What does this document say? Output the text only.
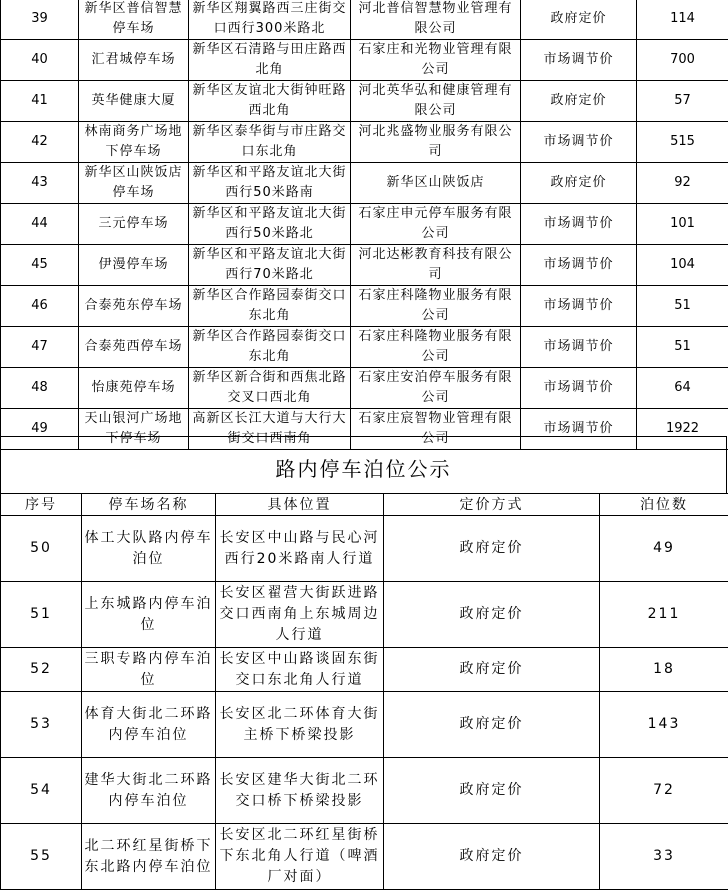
39	新华区普信智慧停车场	新华区翔翼路西三庄街交口西行300米路北	河北普信智慧物业管理有限公司	政府定价	114
40	汇君城停车场	新华区石清路与田庄路西北角	石家庄和光物业管理有限公司	市场调节价	700
41	英华健康大厦	新华区友谊北大街钟旺路西北角	河北英华弘和健康管理有限公司	政府定价	57
42	林南商务广场地下停车场	新华区泰华街与市庄路交口东北角	河北兆盛物业服务有限公司	市场调节价	515
43	新华区山陕饭店停车场	新华区和平路友谊北大街西行50米路南	新华区山陕饭店	政府定价	92
44	三元停车场	新华区和平路友谊北大街西行50米路北	石家庄申元停车服务有限公司	市场调节价	101
45	伊漫停车场	新华区和平路友谊北大街西行70米路北	河北达彬教育科技有限公司	市场调节价	104
46	合泰苑东停车场	新华区合作路园泰街交口东北角	石家庄科隆物业服务有限公司	市场调节价	51
47	合泰苑西停车场	新华区合作路园泰街交口东北角	石家庄科隆物业服务有限公司	市场调节价	51
48	怡康苑停车场	新华区新合街和西焦北路交叉口西北角	石家庄安泊停车服务有限公司	市场调节价	64
49	天山银河广场地下停车场	高新区长江大道与大行大街交口西南角	石家庄宸智物业管理有限公司	市场调节价	1922
路内停车泊位公示
序号	停车场名称	具体位置	定价方式	泊位数
50	体工大队路内停车泊位	长安区中山路与民心河西行20米路南人行道	政府定价	49
51	上东城路内停车泊位	长安区翟营大街跃进路交口西南角上东城周边人行道	政府定价	211
52	三职专路内停车泊位	长安区中山路谈固东街交口东北角人行道	政府定价	18
53	体育大街北二环路内停车泊位	长安区北二环体育大街主桥下桥梁投影	政府定价	143
54	建华大街北二环路内停车泊位	长安区建华大街北二环交口桥下桥梁投影	政府定价	72
55	北二环红星街桥下东北路内停车泊位	长安区北二环红星街桥下东北角人行道（啤酒厂对面）	政府定价	33
